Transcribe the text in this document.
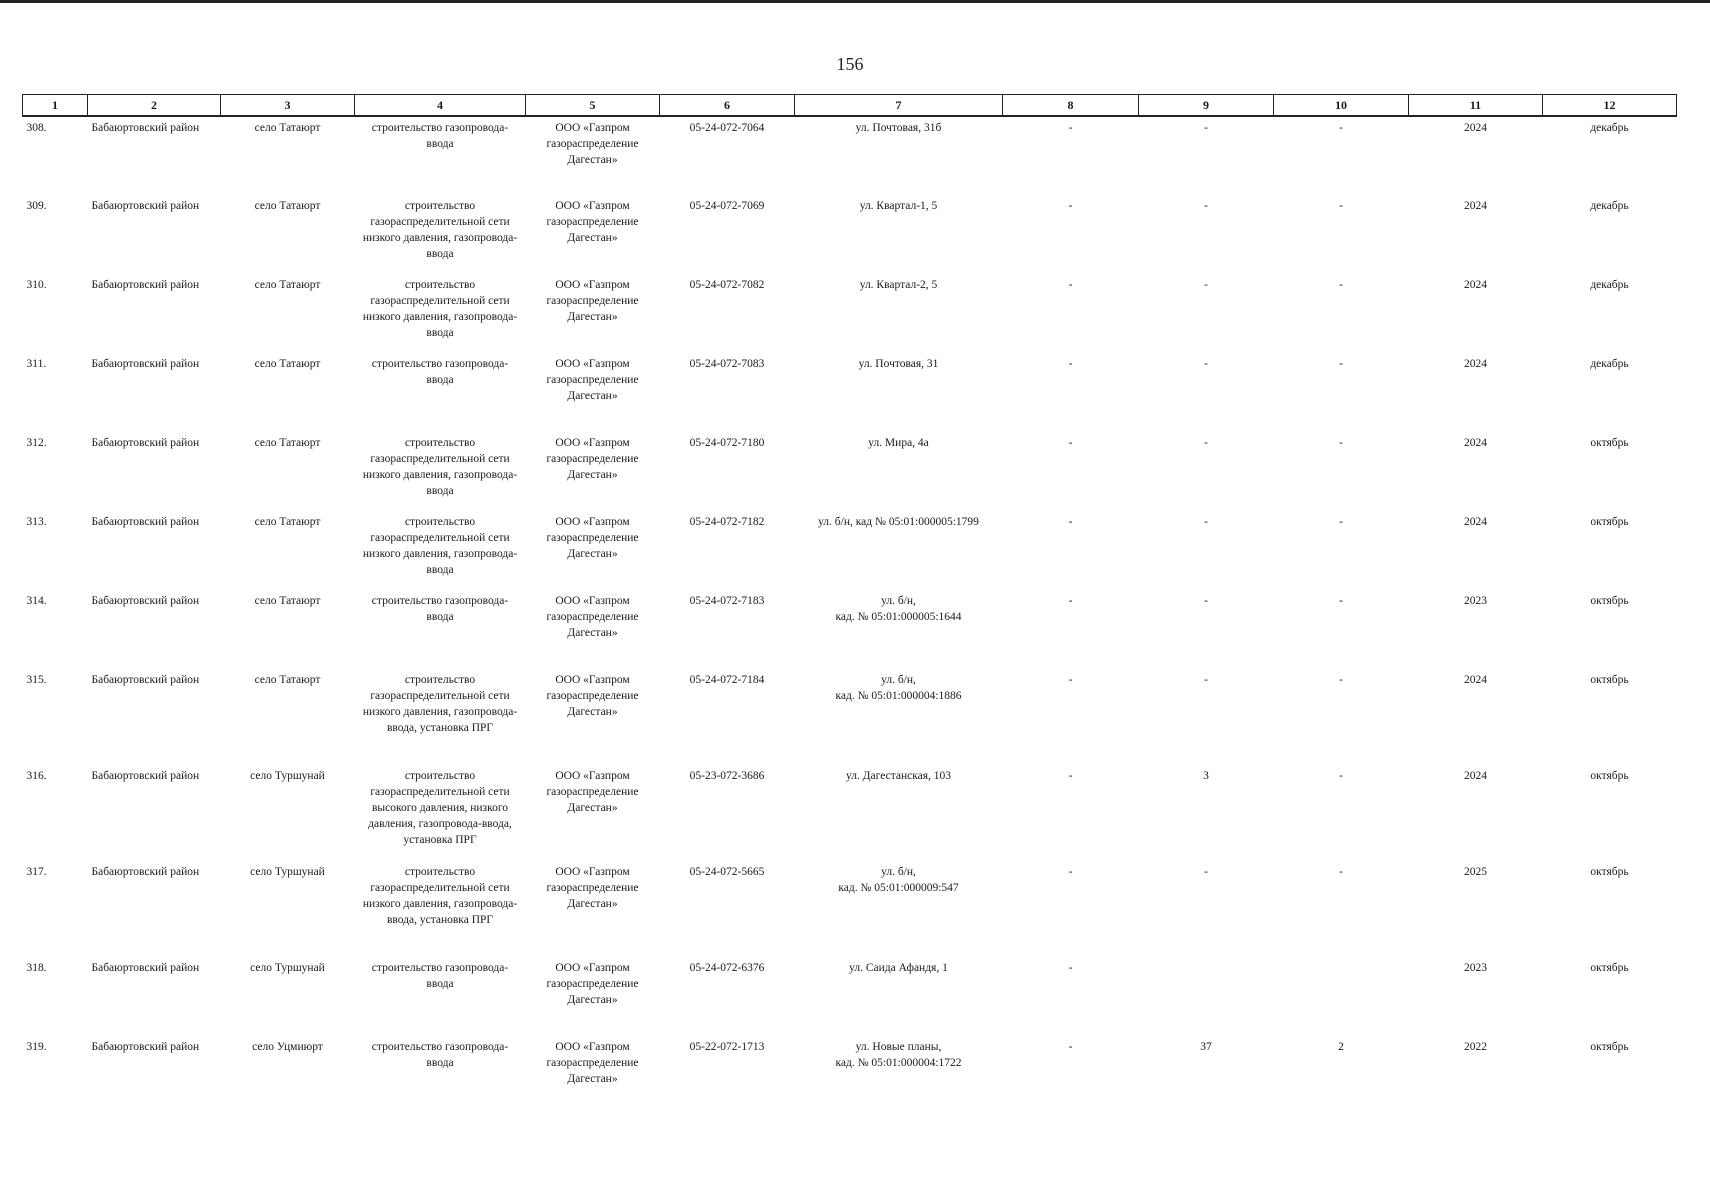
156
1	2	3	4	5	6	7	8	9	10	11	12
308.	Бабаюртовский район	село Татаюрт	строительство газопровода-ввода	ООО «Газпром газораспределение Дагестан»	05-24-072-7064	ул. Почтовая, 31б	-	-	-	2024	декабрь
309.	Бабаюртовский район	село Татаюрт	строительство газораспределительной сети низкого давления, газопровода-ввода	ООО «Газпром газораспределение Дагестан»	05-24-072-7069	ул. Квартал-1, 5	-	-	-	2024	декабрь
310.	Бабаюртовский район	село Татаюрт	строительство газораспределительной сети низкого давления, газопровода-ввода	ООО «Газпром газораспределение Дагестан»	05-24-072-7082	ул. Квартал-2, 5	-	-	-	2024	декабрь
311.	Бабаюртовский район	село Татаюрт	строительство газопровода-ввода	ООО «Газпром газораспределение Дагестан»	05-24-072-7083	ул. Почтовая, 31	-	-	-	2024	декабрь
312.	Бабаюртовский район	село Татаюрт	строительство газораспределительной сети низкого давления, газопровода-ввода	ООО «Газпром газораспределение Дагестан»	05-24-072-7180	ул. Мира, 4а	-	-	-	2024	октябрь
313.	Бабаюртовский район	село Татаюрт	строительство газораспределительной сети низкого давления, газопровода-ввода	ООО «Газпром газораспределение Дагестан»	05-24-072-7182	ул. б/н, кад № 05:01:000005:1799	-	-	-	2024	октябрь
314.	Бабаюртовский район	село Татаюрт	строительство газопровода-ввода	ООО «Газпром газораспределение Дагестан»	05-24-072-7183	ул. б/н,
кад. № 05:01:000005:1644	-	-	-	2023	октябрь
315.	Бабаюртовский район	село Татаюрт	строительство газораспределительной сети низкого давления, газопровода-ввода, установка ПРГ	ООО «Газпром газораспределение Дагестан»	05-24-072-7184	ул. б/н,
кад. № 05:01:000004:1886	-	-	-	2024	октябрь
316.	Бабаюртовский район	село Туршунай	строительство газораспределительной сети высокого давления, низкого давления, газопровода-ввода, установка ПРГ	ООО «Газпром газораспределение Дагестан»	05-23-072-3686	ул. Дагестанская, 103	-	3	-	2024	октябрь
317.	Бабаюртовский район	село Туршунай	строительство газораспределительной сети низкого давления, газопровода-ввода, установка ПРГ	ООО «Газпром газораспределение Дагестан»	05-24-072-5665	ул. б/н,
кад. № 05:01:000009:547	-	-	-	2025	октябрь
318.	Бабаюртовский район	село Туршунай	строительство газопровода-ввода	ООО «Газпром газораспределение Дагестан»	05-24-072-6376	ул. Саида Афандя, 1	-			2023	октябрь
319.	Бабаюртовский район	село Уцмиюрт	строительство газопровода-ввода	ООО «Газпром газораспределение Дагестан»	05-22-072-1713	ул. Новые планы,
кад. № 05:01:000004:1722	-	37	2	2022	октябрь
